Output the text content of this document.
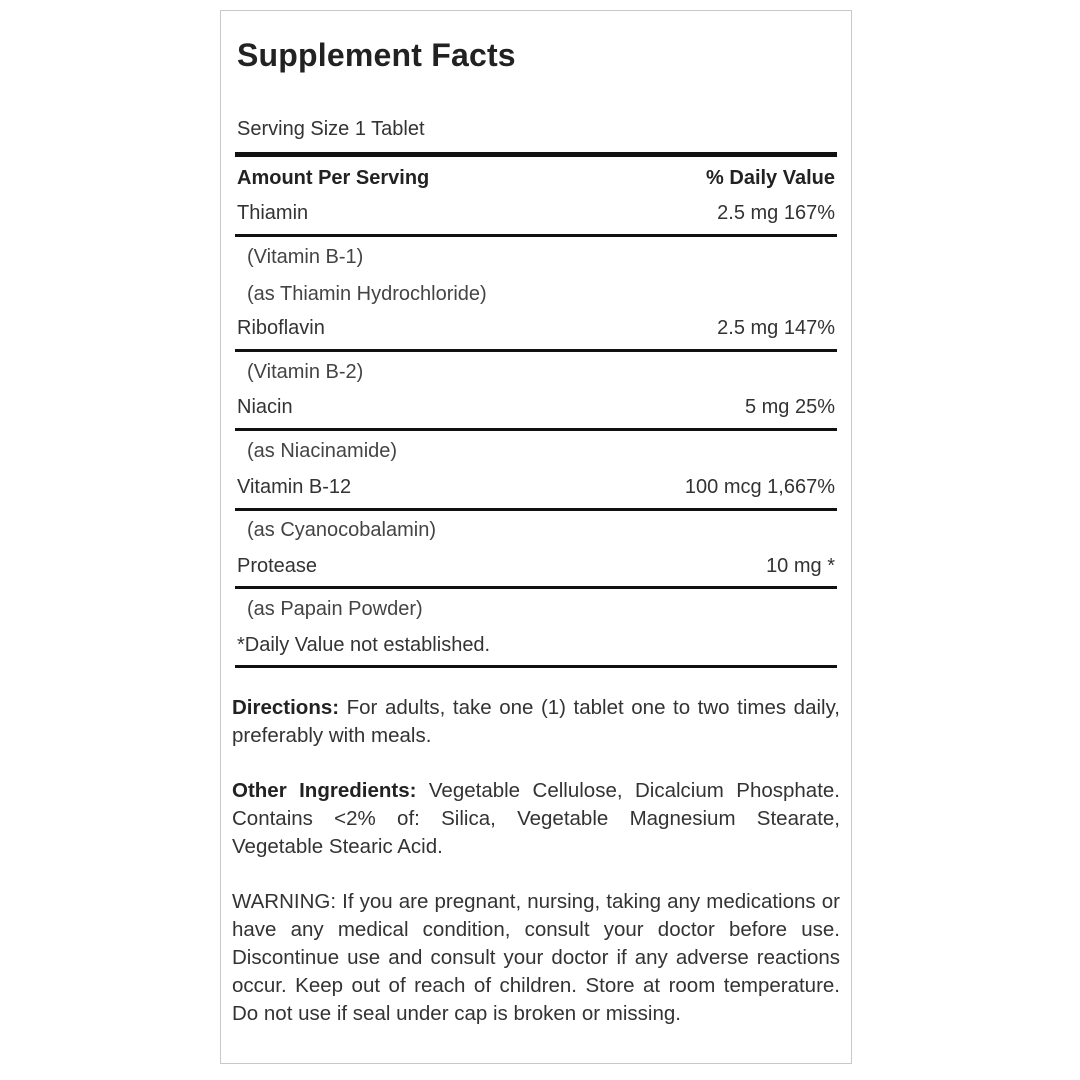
Supplement Facts
Serving Size 1 Tablet
Amount Per Serving	% Daily Value
Thiamin	2.5 mg 167%
(Vitamin B-1)
(as Thiamin Hydrochloride)
Riboflavin	2.5 mg 147%
(Vitamin B-2)
Niacin	5 mg 25%
(as Niacinamide)
Vitamin B-12	100 mcg 1,667%
(as Cyanocobalamin)
Protease	10 mg *
(as Papain Powder)
*Daily Value not established.

Directions: For adults, take one (1) tablet one to two times daily, preferably with meals.

Other Ingredients: Vegetable Cellulose, Dicalcium Phosphate. Contains <2% of: Silica, Vegetable Magnesium Stearate, Vegetable Stearic Acid.

WARNING: If you are pregnant, nursing, taking any medications or have any medical condition, consult your doctor before use. Discontinue use and consult your doctor if any adverse reactions occur. Keep out of reach of children. Store at room temperature. Do not use if seal under cap is broken or missing.
